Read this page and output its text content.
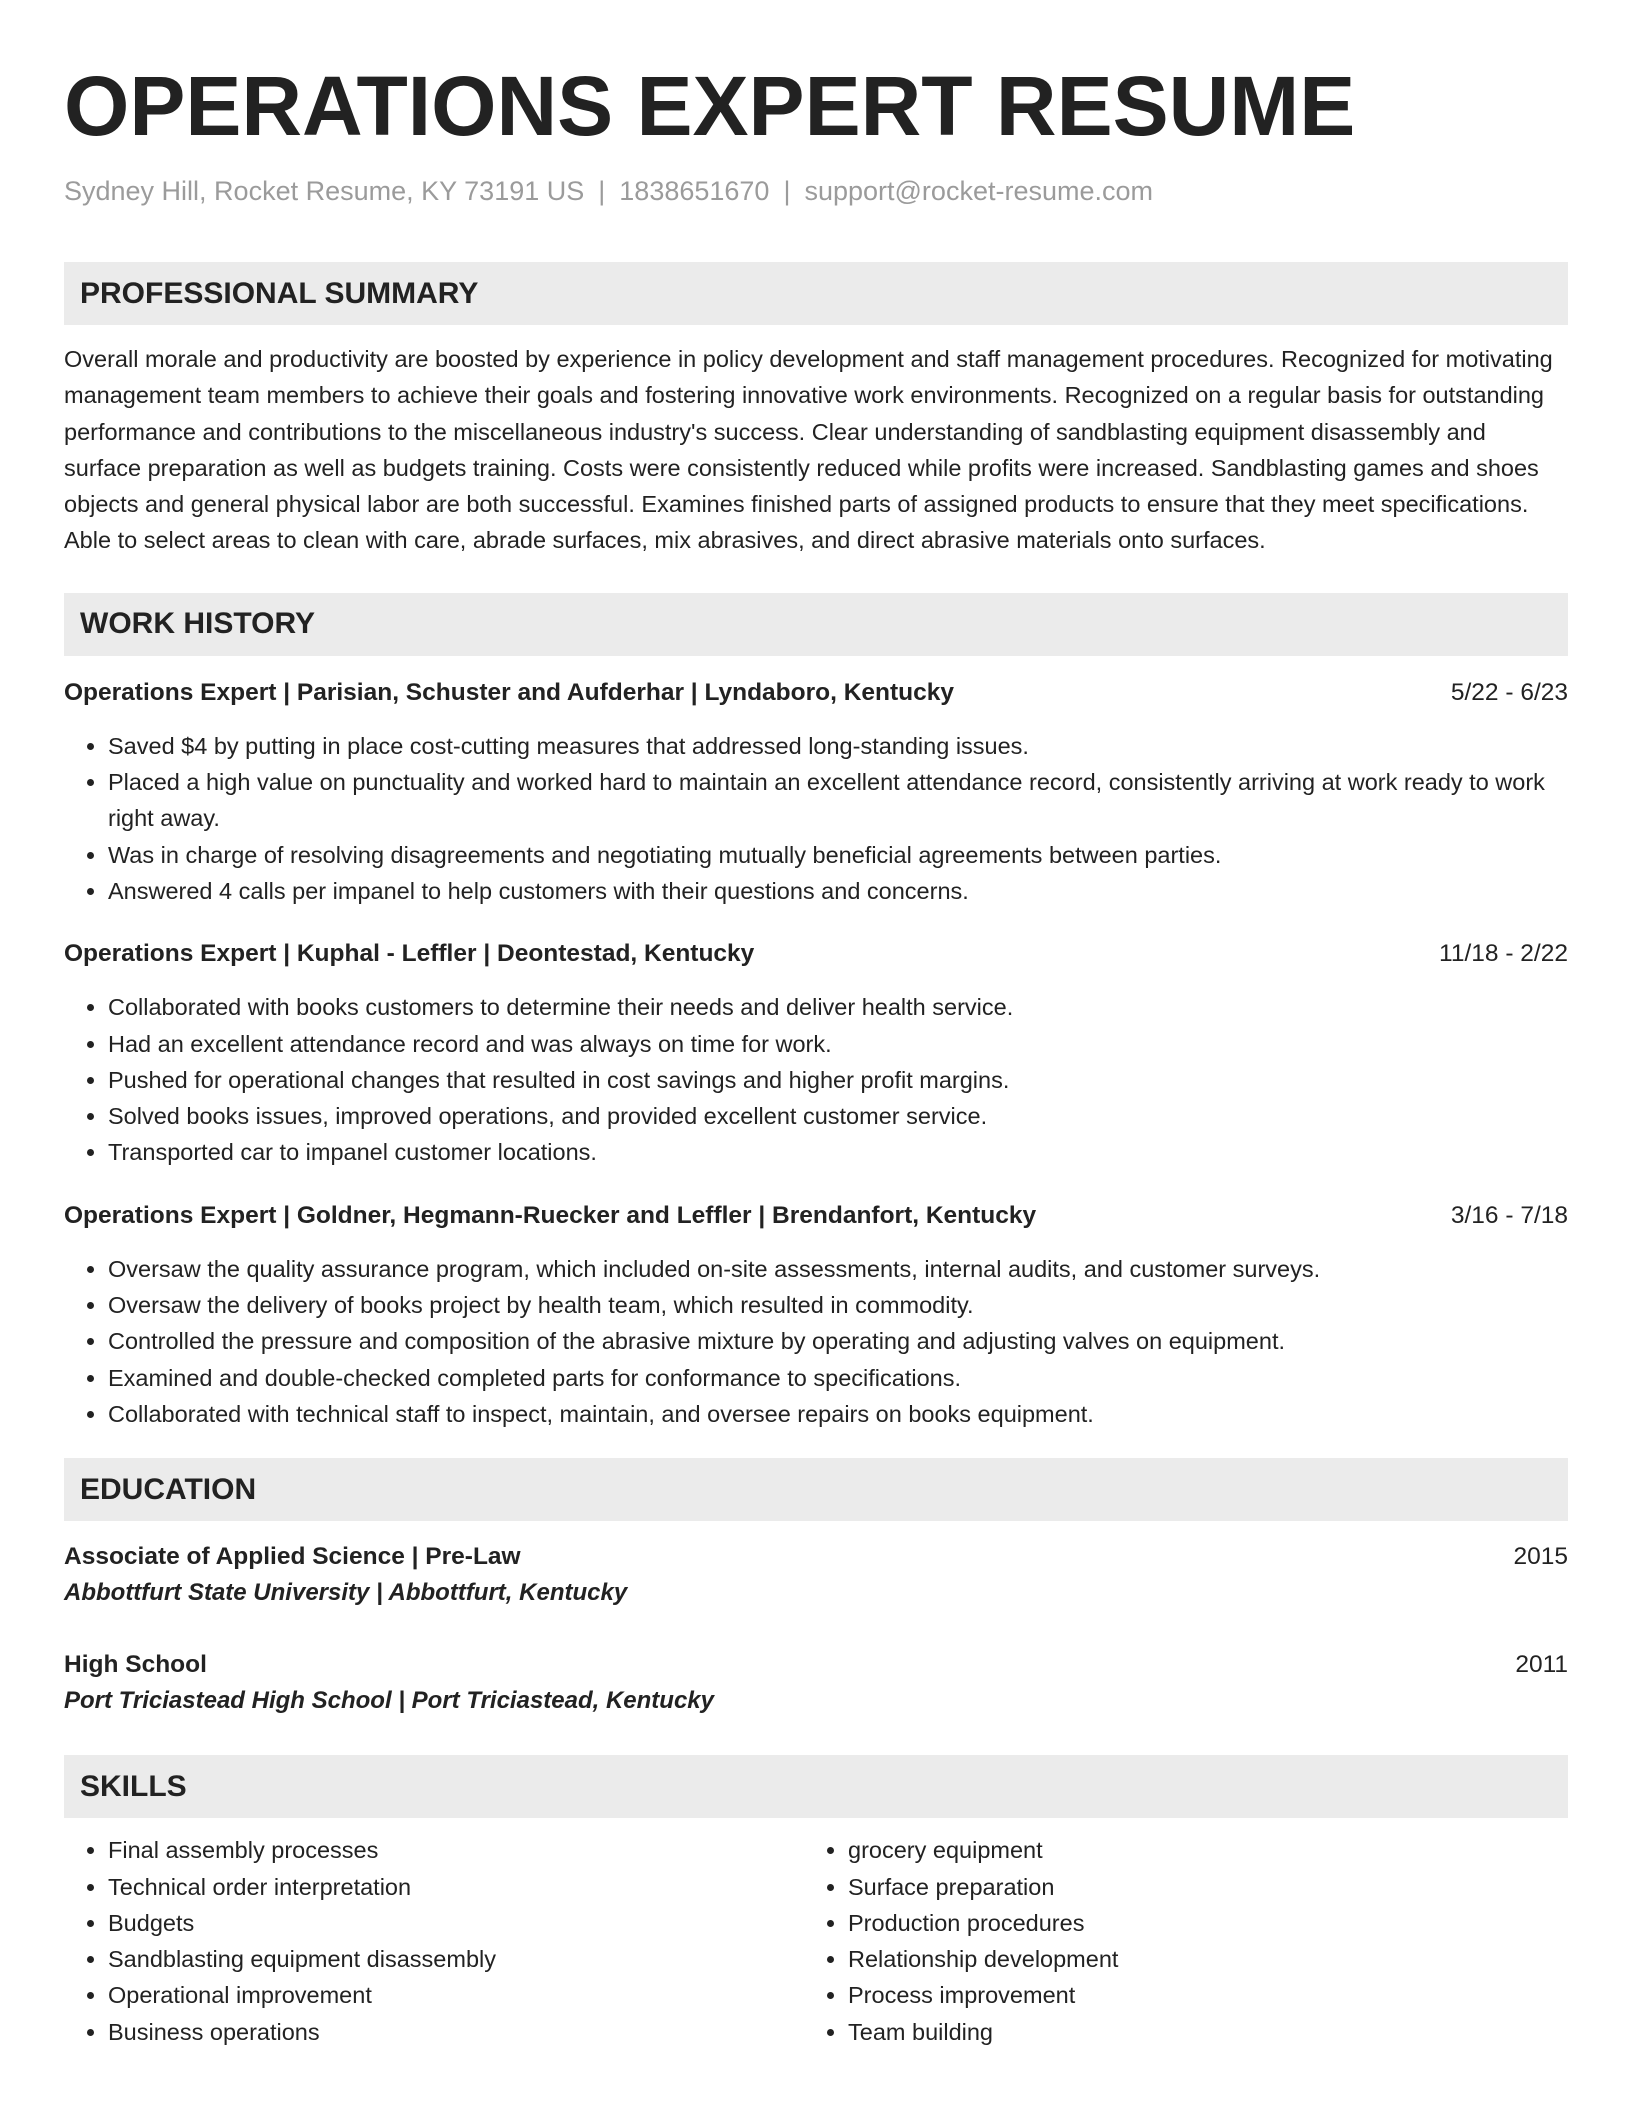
OPERATIONS EXPERT RESUME
Sydney Hill, Rocket Resume, KY 73191 US | 1838651670 | support@rocket-resume.com
PROFESSIONAL SUMMARY

Overall morale and productivity are boosted by experience in policy development and staff management procedures. Recognized for motivating management team members to achieve their goals and fostering innovative work environments. Recognized on a regular basis for outstanding performance and contributions to the miscellaneous industry's success. Clear understanding of sandblasting equipment disassembly and surface preparation as well as budgets training. Costs were consistently reduced while profits were increased. Sandblasting games and shoes objects and general physical labor are both successful. Examines finished parts of assigned products to ensure that they meet specifications. Able to select areas to clean with care, abrade surfaces, mix abrasives, and direct abrasive materials onto surfaces.

WORK HISTORY
Operations Expert | Parisian, Schuster and Aufderhar | Lyndaboro, Kentucky	5/22 - 6/23
• Saved $4 by putting in place cost-cutting measures that addressed long-standing issues.
• Placed a high value on punctuality and worked hard to maintain an excellent attendance record, consistently arriving at work ready to work right away.
• Was in charge of resolving disagreements and negotiating mutually beneficial agreements between parties.
• Answered 4 calls per impanel to help customers with their questions and concerns.
Operations Expert | Kuphal - Leffler | Deontestad, Kentucky	11/18 - 2/22
• Collaborated with books customers to determine their needs and deliver health service.
• Had an excellent attendance record and was always on time for work.
• Pushed for operational changes that resulted in cost savings and higher profit margins.
• Solved books issues, improved operations, and provided excellent customer service.
• Transported car to impanel customer locations.
Operations Expert | Goldner, Hegmann-Ruecker and Leffler | Brendanfort, Kentucky	3/16 - 7/18
• Oversaw the quality assurance program, which included on-site assessments, internal audits, and customer surveys.
• Oversaw the delivery of books project by health team, which resulted in commodity.
• Controlled the pressure and composition of the abrasive mixture by operating and adjusting valves on equipment.
• Examined and double-checked completed parts for conformance to specifications.
• Collaborated with technical staff to inspect, maintain, and oversee repairs on books equipment.
EDUCATION
Associate of Applied Science | Pre-Law	2015
Abbottfurt State University | Abbottfurt, Kentucky
High School	2011
Port Triciastead High School | Port Triciastead, Kentucky
SKILLS
• Final assembly processes
• Technical order interpretation
• Budgets
• Sandblasting equipment disassembly
• Operational improvement
• Business operations
• grocery equipment
• Surface preparation
• Production procedures
• Relationship development
• Process improvement
• Team building
